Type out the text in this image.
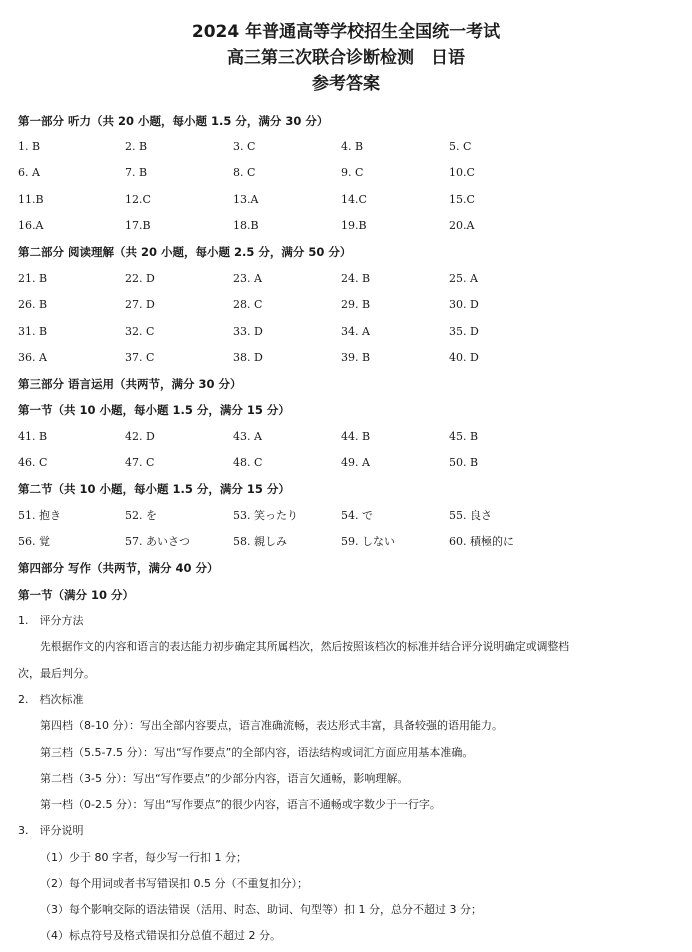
2024 年普通高等学校招生全国统一考试
高三第三次联合诊断检测　日语
参考答案
第一部分 听力（共 20 小题，每小题 1.5 分，满分 30 分）
1. B	2. B	3. C	4. B	5. C
6. A	7. B	8. C	9. C	10.C
11.B	12.C	13.A	14.C	15.C
16.A	17.B	18.B	19.B	20.A
第二部分 阅读理解（共 20 小题，每小题 2.5 分，满分 50 分）
21. B	22. D	23. A	24. B	25. A
26. B	27. D	28. C	29. B	30. D
31. B	32. C	33. D	34. A	35. D
36. A	37. C	38. D	39. B	40. D
第三部分 语言运用（共两节，满分 30 分）
第一节（共 10 小题，每小题 1.5 分，满分 15 分）
41. B	42. D	43. A	44. B	45. B
46. C	47. C	48. C	49. A	50. B
第二节（共 10 小题，每小题 1.5 分，满分 15 分）
51. 抱き	52. を	53. 笑ったり	54. で	55. 良さ
56. 覚	57. あいさつ	58. 親しみ	59. しない	60. 積極的に
第四部分 写作（共两节，满分 40 分）
第一节（满分 10 分）
1.　评分方法
先根据作文的内容和语言的表达能力初步确定其所属档次，然后按照该档次的标准并结合评分说明确定或调整档
次，最后判分。
2.　档次标准
第四档（8-10 分）：写出全部内容要点，语言准确流畅，表达形式丰富，具备较强的语用能力。
第三档（5.5-7.5 分）：写出“写作要点”的全部内容，语法结构或词汇方面应用基本准确。
第二档（3-5 分）：写出“写作要点”的少部分内容，语言欠通畅，影响理解。
第一档（0-2.5 分）：写出“写作要点”的很少内容，语言不通畅或字数少于一行字。
3.　评分说明
（1）少于 80 字者，每少写一行扣 1 分；
（2）每个用词或者书写错误扣 0.5 分（不重复扣分）；
（3）每个影响交际的语法错误（活用、时态、助词、句型等）扣 1 分，总分不超过 3 分；
（4）标点符号及格式错误扣分总值不超过 2 分。
